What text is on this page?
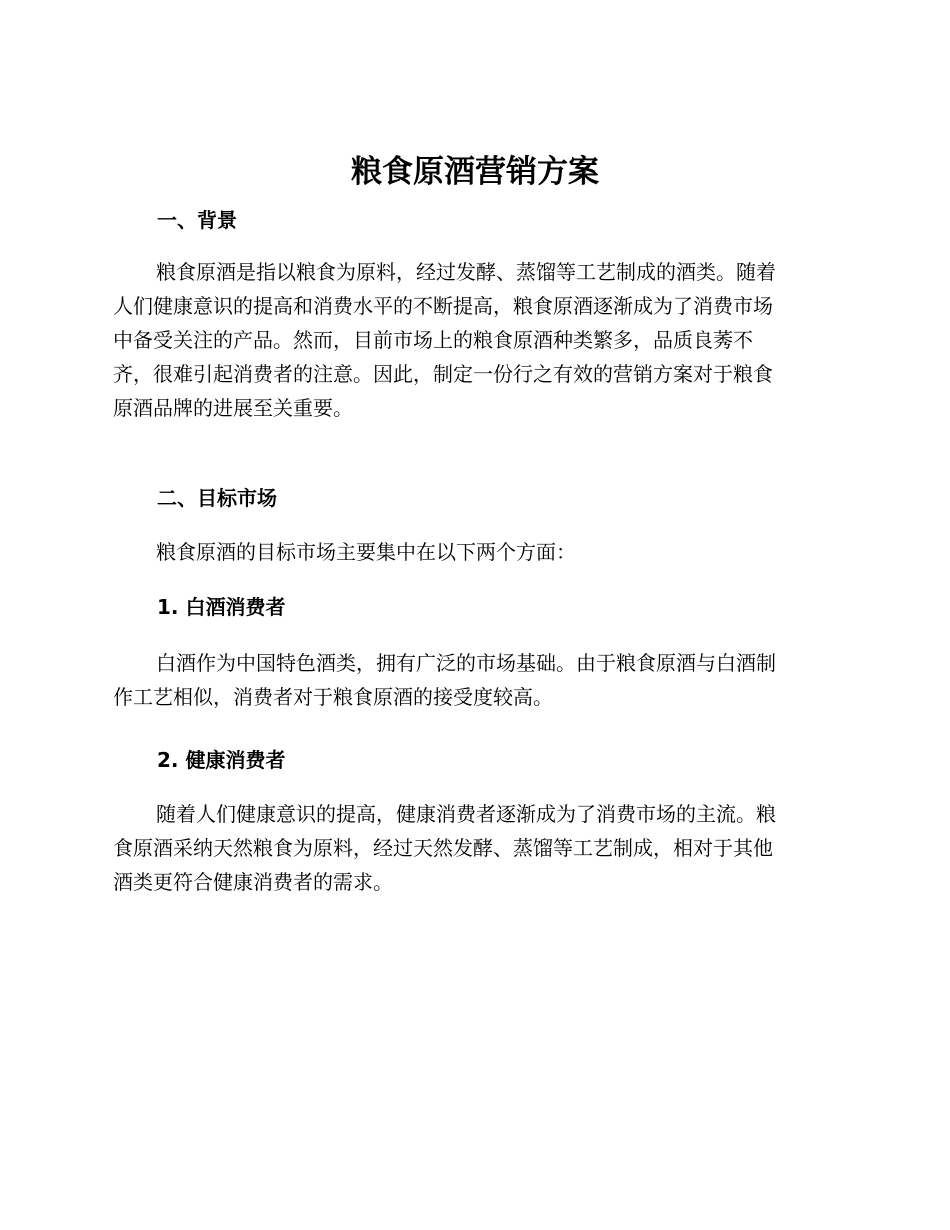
粮食原酒营销方案
一、背景

粮食原酒是指以粮食为原料，经过发酵、蒸馏等工艺制成的酒类。随着
人们健康意识的提高和消费水平的不断提高，粮食原酒逐渐成为了消费市场
中备受关注的产品。然而，目前市场上的粮食原酒种类繁多，品质良莠不
齐，很难引起消费者的注意。因此，制定一份行之有效的营销方案对于粮食
原酒品牌的进展至关重要。

二、目标市场

粮食原酒的目标市场主要集中在以下两个方面：

1. 白酒消费者

白酒作为中国特色酒类，拥有广泛的市场基础。由于粮食原酒与白酒制
作工艺相似，消费者对于粮食原酒的接受度较高。

2. 健康消费者

随着人们健康意识的提高，健康消费者逐渐成为了消费市场的主流。粮
食原酒采纳天然粮食为原料，经过天然发酵、蒸馏等工艺制成，相对于其他
酒类更符合健康消费者的需求。
